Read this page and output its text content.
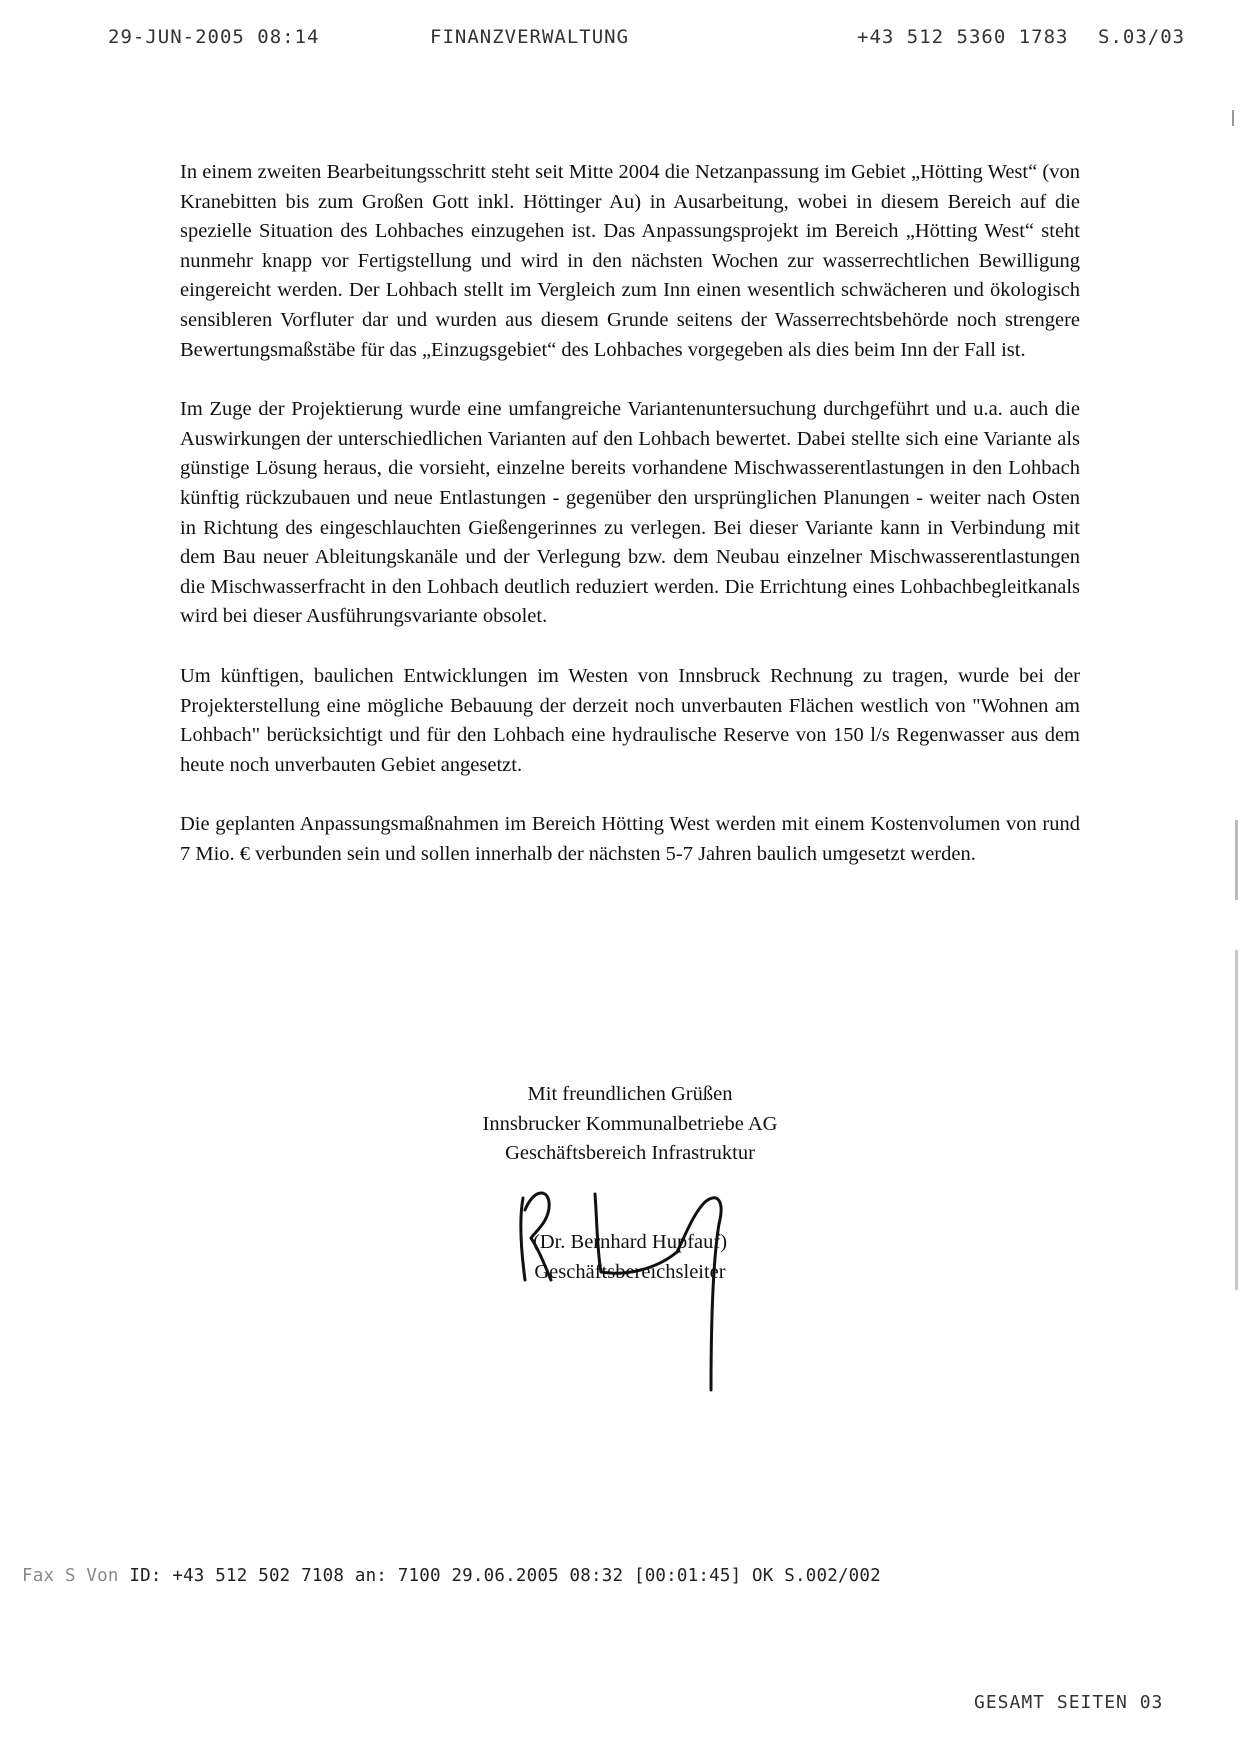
29-JUN-2005 08:14	FINANZVERWALTUNG	+43 512 5360 1783 S.03/03

In einem zweiten Bearbeitungsschritt steht seit Mitte 2004 die Netzanpassung im Gebiet „Hötting West“ (von Kranebitten bis zum Großen Gott inkl. Höttinger Au) in Ausarbeitung, wobei in diesem Bereich auf die spezielle Situation des Lohbaches einzugehen ist. Das Anpassungsprojekt im Bereich „Hötting West“ steht nunmehr knapp vor Fertigstellung und wird in den nächsten Wochen zur wasserrechtlichen Bewilligung eingereicht werden. Der Lohbach stellt im Vergleich zum Inn einen wesentlich schwächeren und ökologisch sensibleren Vorfluter dar und wurden aus diesem Grunde seitens der Wasserrechtsbehörde noch strengere Bewertungsmaßstäbe für das „Einzugsgebiet“ des Lohbaches vorgegeben als dies beim Inn der Fall ist.

Im Zuge der Projektierung wurde eine umfangreiche Variantenuntersuchung durchgeführt und u.a. auch die Auswirkungen der unterschiedlichen Varianten auf den Lohbach bewertet. Dabei stellte sich eine Variante als günstige Lösung heraus, die vorsieht, einzelne bereits vorhandene Mischwasserentlastungen in den Lohbach künftig rückzubauen und neue Entlastungen - gegenüber den ursprünglichen Planungen - weiter nach Osten in Richtung des eingeschlauchten Gießengerinnes zu verlegen. Bei dieser Variante kann in Verbindung mit dem Bau neuer Ableitungskanäle und der Verlegung bzw. dem Neubau einzelner Mischwasserentlastungen die Mischwasserfracht in den Lohbach deutlich reduziert werden. Die Errichtung eines Lohbachbegleitkanals wird bei dieser Ausführungsvariante obsolet.

Um künftigen, baulichen Entwicklungen im Westen von Innsbruck Rechnung zu tragen, wurde bei der Projekterstellung eine mögliche Bebauung der derzeit noch unverbauten Flächen westlich von "Wohnen am Lohbach" berücksichtigt und für den Lohbach eine hydraulische Reserve von 150 l/s Regenwasser aus dem heute noch unverbauten Gebiet angesetzt.

Die geplanten Anpassungsmaßnahmen im Bereich Hötting West werden mit einem Kostenvolumen von rund 7 Mio. € verbunden sein und sollen innerhalb der nächsten 5-7 Jahren baulich umgesetzt werden.

Mit freundlichen Grüßen
Innsbrucker Kommunalbetriebe AG
Geschäftsbereich Infrastruktur
(Dr. Bernhard Hupfauf)
Geschäftsbereichsleiter
Fax S Von ID: +43 512 502 7108 an: 7100 29.06.2005 08:32 [00:01:45] OK S.002/002
GESAMT SEITEN 03
